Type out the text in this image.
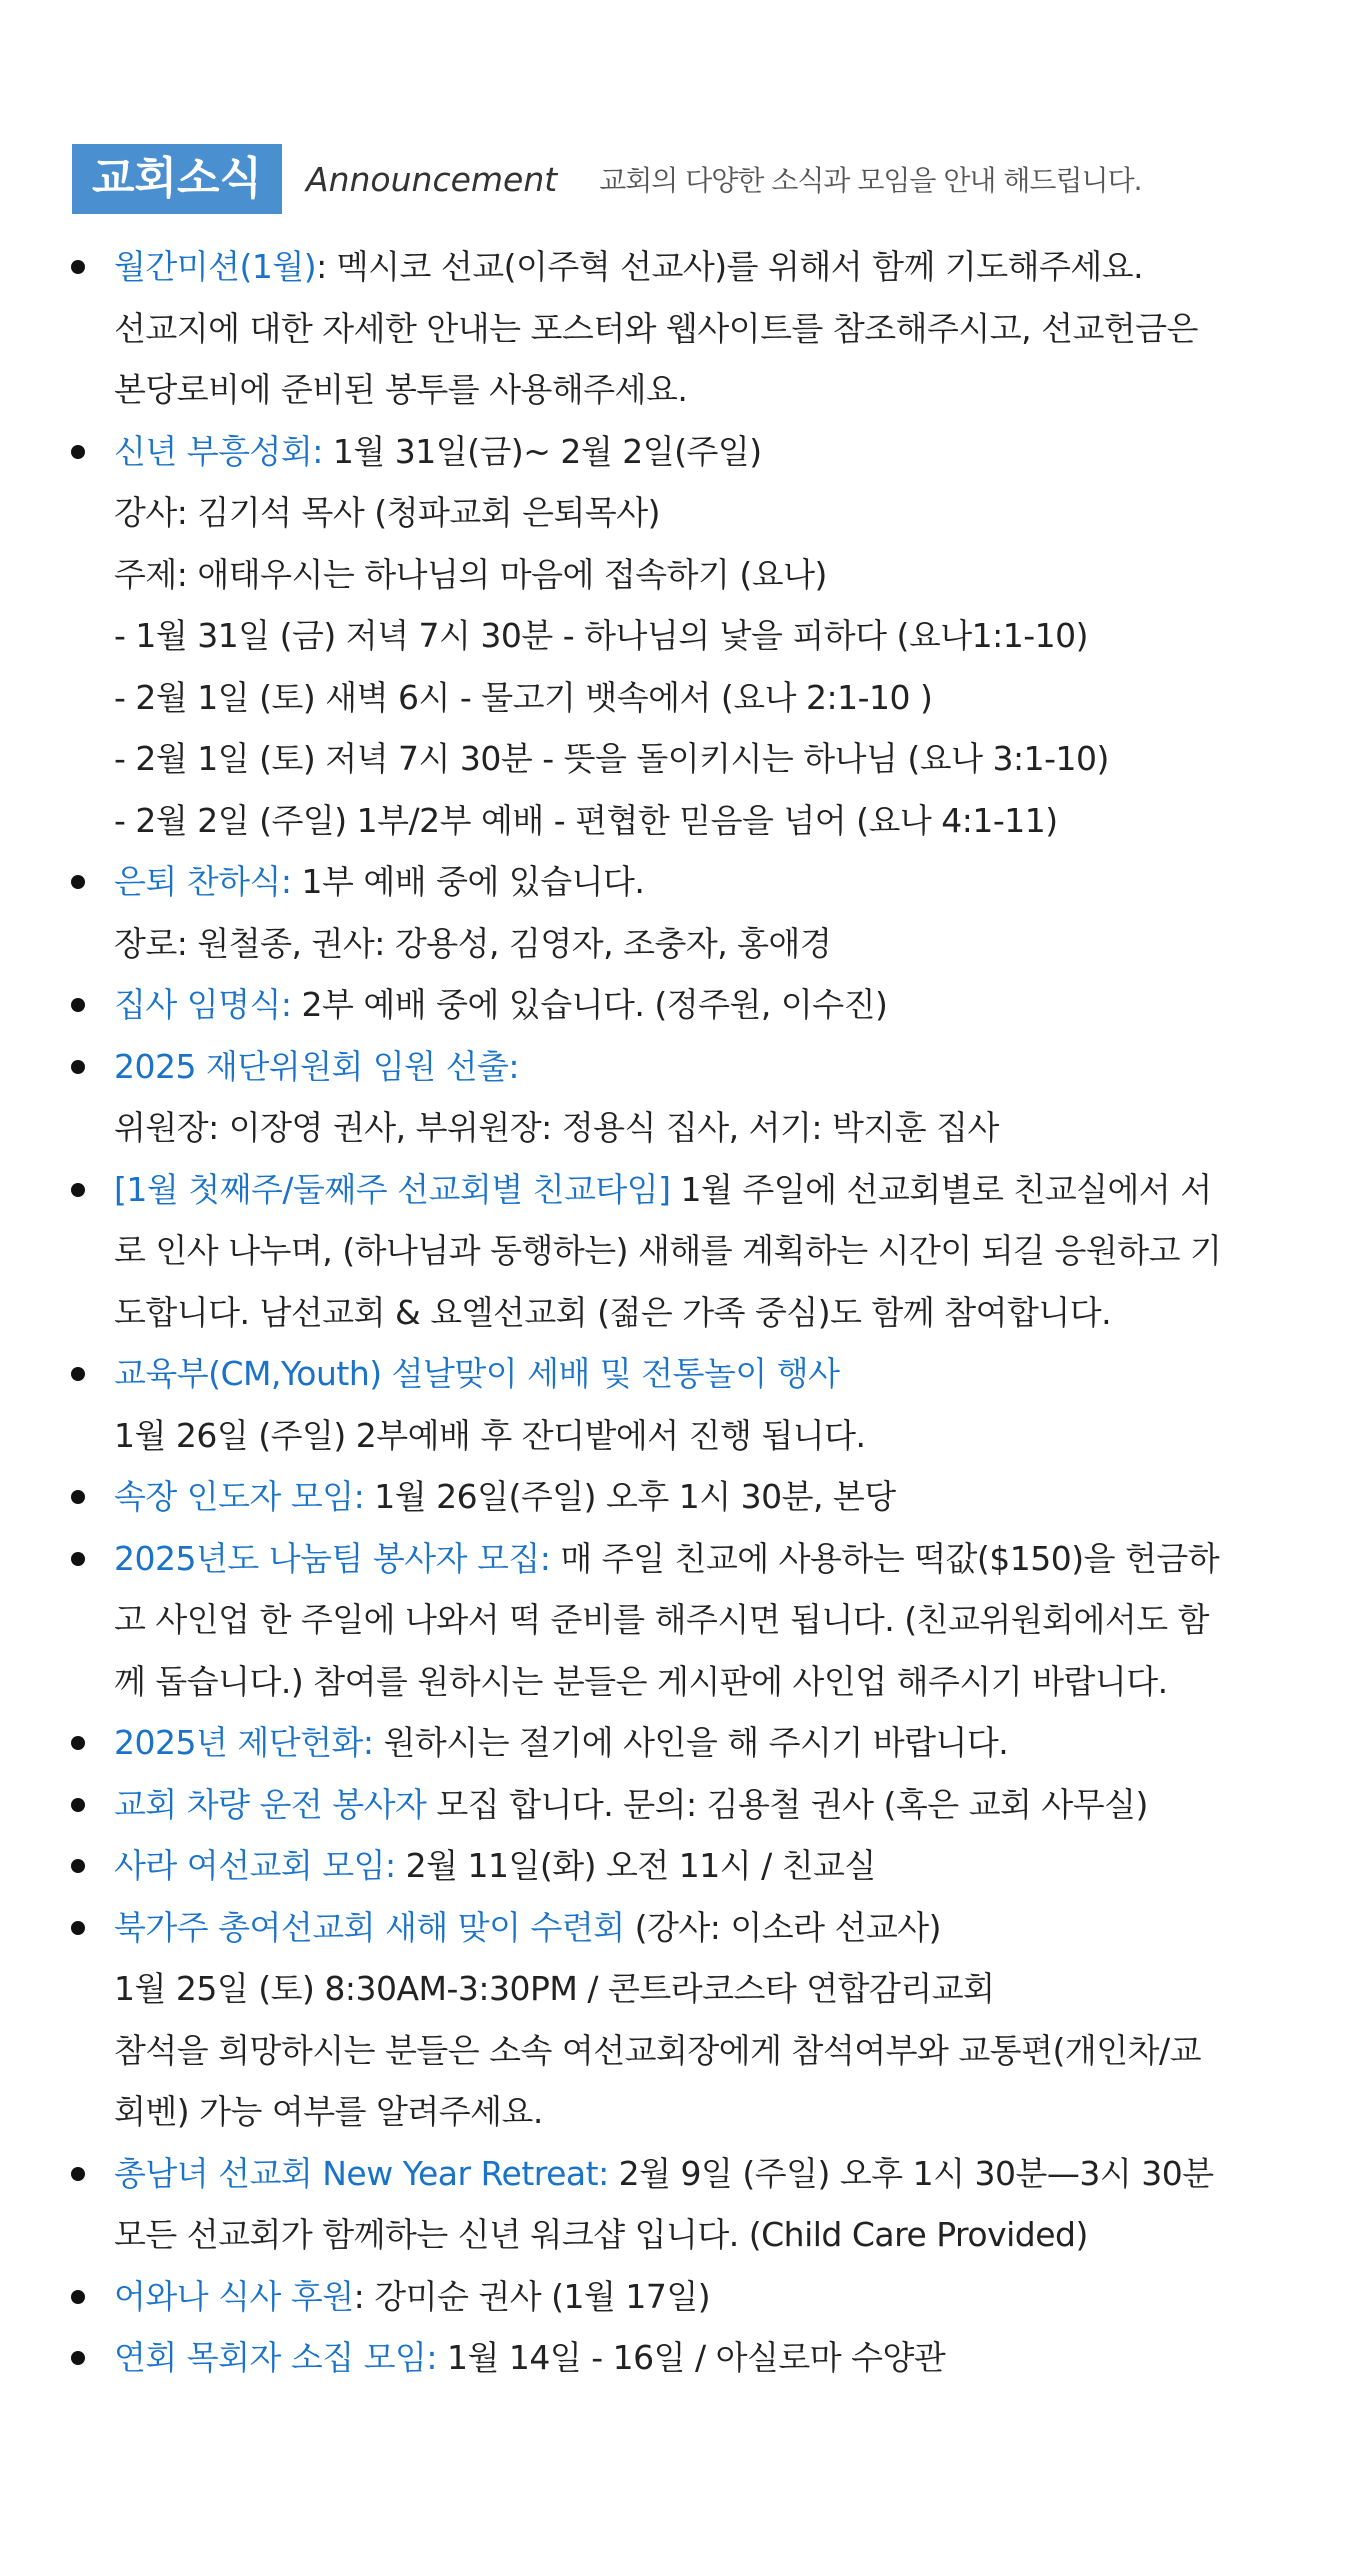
교회소식	Announcement 교회의 다양한 소식과 모임을 안내 해드립니다.
월간미션(1월): 멕시코 선교(이주혁 선교사)를 위해서 함께 기도해주세요.
선교지에 대한 자세한 안내는 포스터와 웹사이트를 참조해주시고, 선교헌금은
본당로비에 준비된 봉투를 사용해주세요.
신년 부흥성회: 1월 31일(금)~ 2월 2일(주일)
강사: 김기석 목사 (청파교회 은퇴목사)
주제: 애태우시는 하나님의 마음에 접속하기 (요나)
- 1월 31일 (금) 저녁 7시 30분 - 하나님의 낯을 피하다 (요나1:1-10)
- 2월 1일 (토) 새벽 6시 - 물고기 뱃속에서 (요나 2:1-10 )
- 2월 1일 (토) 저녁 7시 30분 - 뜻을 돌이키시는 하나님 (요나 3:1-10)
- 2월 2일 (주일) 1부/2부 예배 - 편협한 믿음을 넘어 (요나 4:1-11)
은퇴 찬하식: 1부 예배 중에 있습니다.
장로: 원철종, 권사: 강용성, 김영자, 조충자, 홍애경
집사 임명식: 2부 예배 중에 있습니다. (정주원, 이수진)
2025 재단위원회 임원 선출:
위원장: 이장영 권사, 부위원장: 정용식 집사, 서기: 박지훈 집사
[1월 첫째주/둘째주 선교회별 친교타임] 1월 주일에 선교회별로 친교실에서 서
로 인사 나누며, (하나님과 동행하는) 새해를 계획하는 시간이 되길 응원하고 기
도합니다. 남선교회 & 요엘선교회 (젊은 가족 중심)도 함께 참여합니다.
교육부(CM,Youth) 설날맞이 세배 및 전통놀이 행사
1월 26일 (주일) 2부예배 후 잔디밭에서 진행 됩니다.
속장 인도자 모임: 1월 26일(주일) 오후 1시 30분, 본당
2025년도 나눔팀 봉사자 모집: 매 주일 친교에 사용하는 떡값($150)을 헌금하
고 사인업 한 주일에 나와서 떡 준비를 해주시면 됩니다. (친교위원회에서도 함
께 돕습니다.) 참여를 원하시는 분들은 게시판에 사인업 해주시기 바랍니다.
2025년 제단헌화: 원하시는 절기에 사인을 해 주시기 바랍니다.
교회 차량 운전 봉사자 모집 합니다. 문의: 김용철 권사 (혹은 교회 사무실)
사라 여선교회 모임: 2월 11일(화) 오전 11시 / 친교실
북가주 총여선교회 새해 맞이 수련회 (강사: 이소라 선교사)
1월 25일 (토) 8:30AM-3:30PM / 콘트라코스타 연합감리교회
참석을 희망하시는 분들은 소속 여선교회장에게 참석여부와 교통편(개인차/교
회벤) 가능 여부를 알려주세요.
총남녀 선교회 New Year Retreat: 2월 9일 (주일) 오후 1시 30분—3시 30분
모든 선교회가 함께하는 신년 워크샵 입니다. (Child Care Provided)
어와나 식사 후원: 강미순 권사 (1월 17일)
연회 목회자 소집 모임: 1월 14일 - 16일 / 아실로마 수양관
